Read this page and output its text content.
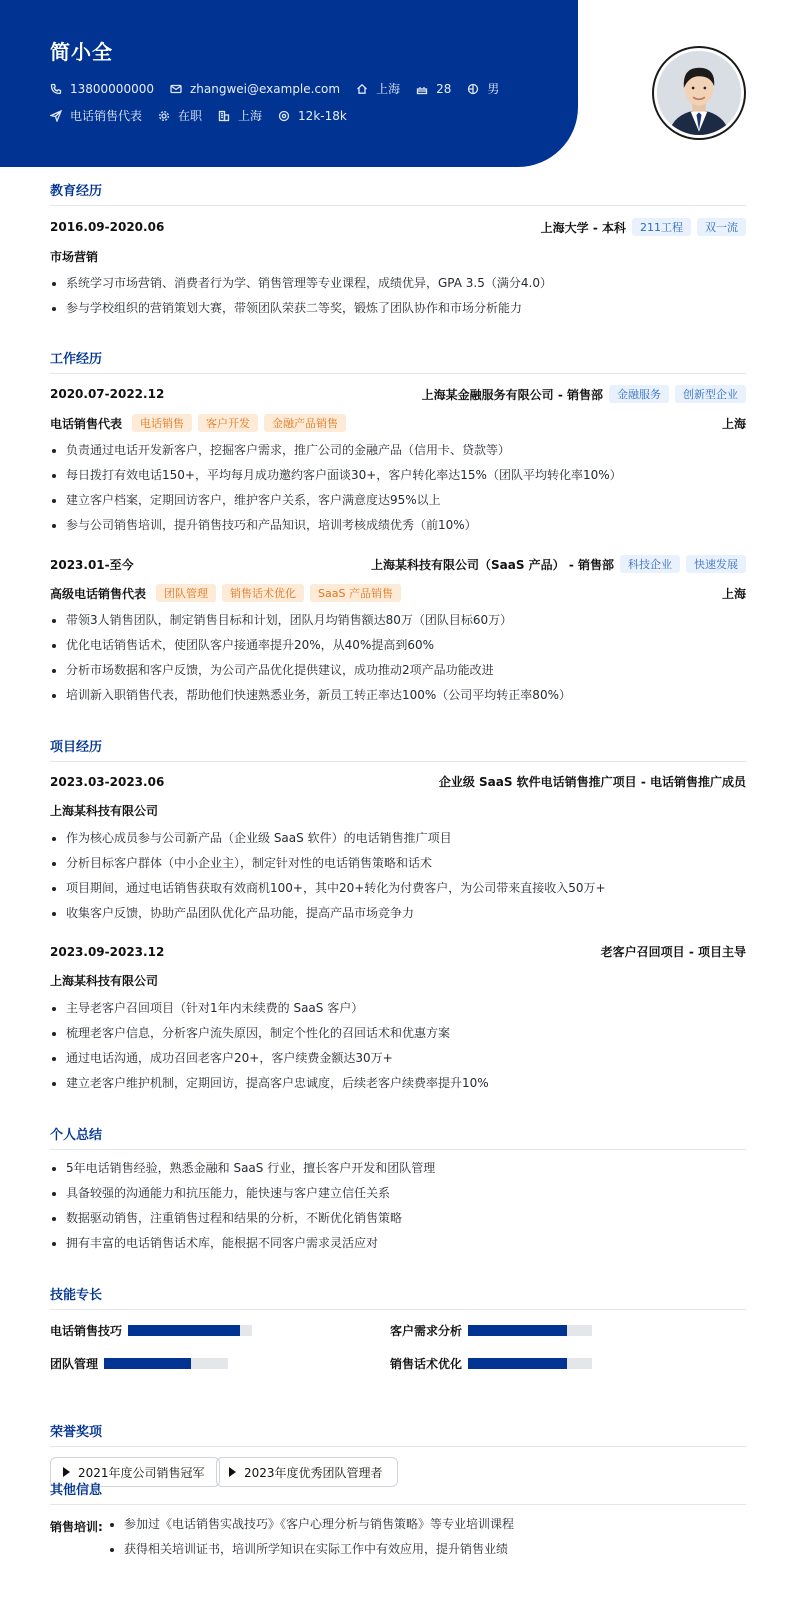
简小全
13800000000	zhangwei@example.com	上海	28	男
电话销售代表	在职	上海	12k-18k
教育经历
2016.09-2020.06	上海大学 - 本科	211工程	双一流
市场营销
系统学习市场营销、消费者行为学、销售管理等专业课程，成绩优异，GPA 3.5（满分4.0）
参与学校组织的营销策划大赛，带领团队荣获二等奖，锻炼了团队协作和市场分析能力
工作经历
2020.07-2022.12	上海某金融服务有限公司 - 销售部	金融服务	创新型企业
电话销售代表	电话销售	客户开发	金融产品销售	上海
负责通过电话开发新客户，挖掘客户需求，推广公司的金融产品（信用卡、贷款等）
每日拨打有效电话150+，平均每月成功邀约客户面谈30+，客户转化率达15%（团队平均转化率10%）
建立客户档案，定期回访客户，维护客户关系，客户满意度达95%以上
参与公司销售培训，提升销售技巧和产品知识，培训考核成绩优秀（前10%）
2023.01-至今	上海某科技有限公司（SaaS 产品） - 销售部	科技企业	快速发展
高级电话销售代表	团队管理	销售话术优化	SaaS 产品销售	上海
带领3人销售团队，制定销售目标和计划，团队月均销售额达80万（团队目标60万）
优化电话销售话术，使团队客户接通率提升20%，从40%提高到60%
分析市场数据和客户反馈，为公司产品优化提供建议，成功推动2项产品功能改进
培训新入职销售代表，帮助他们快速熟悉业务，新员工转正率达100%（公司平均转正率80%）
项目经历
2023.03-2023.06	企业级 SaaS 软件电话销售推广项目 - 电话销售推广成员
上海某科技有限公司
作为核心成员参与公司新产品（企业级 SaaS 软件）的电话销售推广项目
分析目标客户群体（中小企业主），制定针对性的电话销售策略和话术
项目期间，通过电话销售获取有效商机100+，其中20+转化为付费客户，为公司带来直接收入50万+
收集客户反馈，协助产品团队优化产品功能，提高产品市场竞争力
2023.09-2023.12	老客户召回项目 - 项目主导
上海某科技有限公司
主导老客户召回项目（针对1年内未续费的 SaaS 客户）
梳理老客户信息，分析客户流失原因，制定个性化的召回话术和优惠方案
通过电话沟通，成功召回老客户20+，客户续费金额达30万+
建立老客户维护机制，定期回访，提高客户忠诚度，后续老客户续费率提升10%
个人总结
5年电话销售经验，熟悉金融和 SaaS 行业，擅长客户开发和团队管理
具备较强的沟通能力和抗压能力，能快速与客户建立信任关系
数据驱动销售，注重销售过程和结果的分析，不断优化销售策略
拥有丰富的电话销售话术库，能根据不同客户需求灵活应对
技能专长
电话销售技巧	客户需求分析
团队管理	销售话术优化
荣誉奖项
2021年度公司销售冠军	2023年度优秀团队管理者
其他信息
销售培训:	参加过《电话销售实战技巧》《客户心理分析与销售策略》等专业培训课程
获得相关培训证书，培训所学知识在实际工作中有效应用，提升销售业绩
